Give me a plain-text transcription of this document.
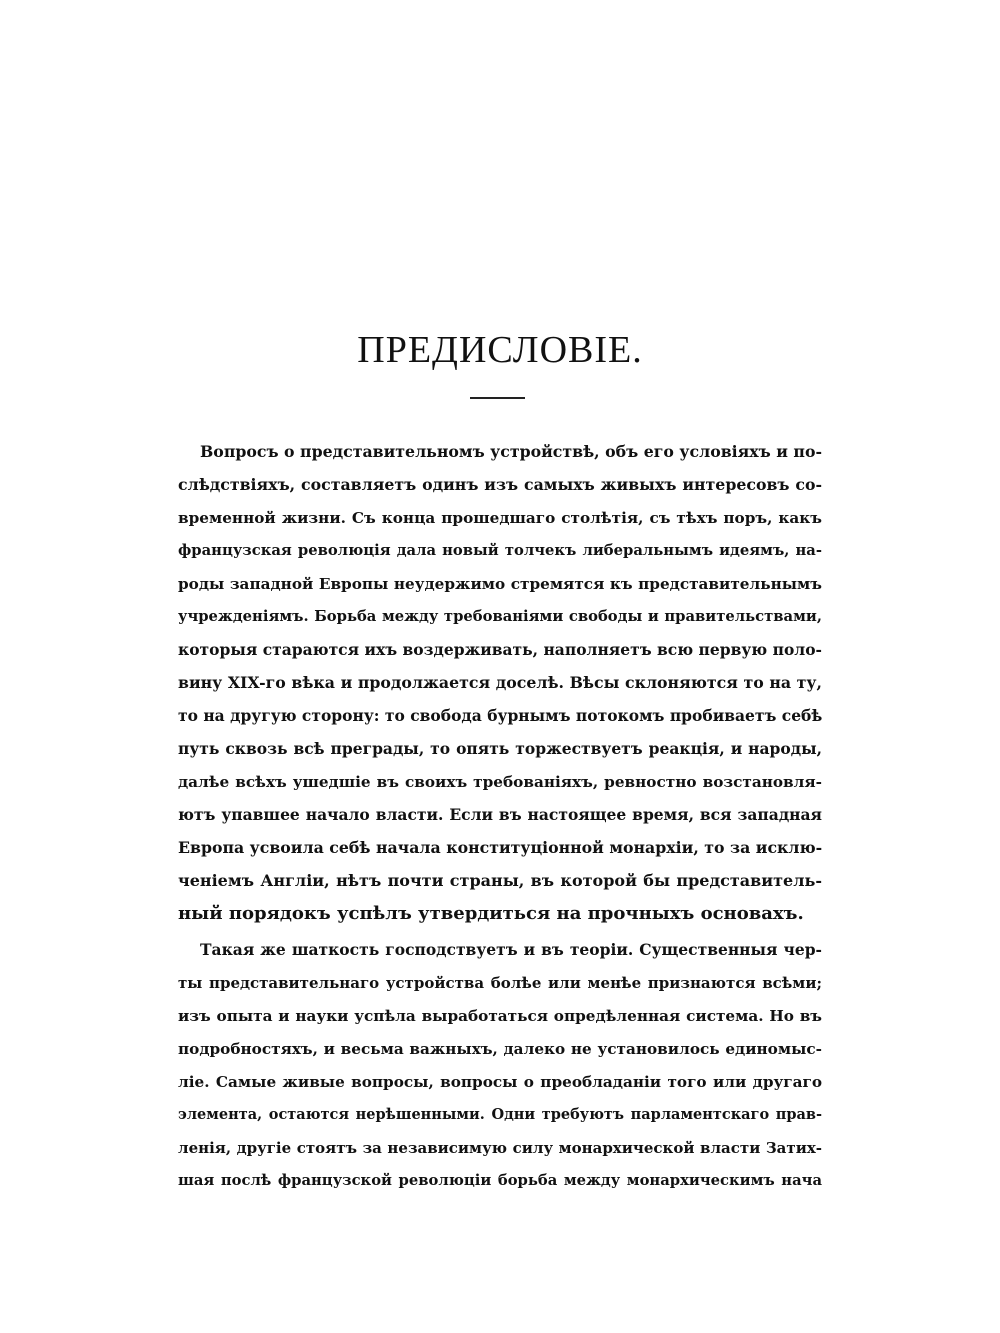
ПРЕДИСЛОВІЕ.
Вопросъ о представительномъ устройствѣ, объ его условіяхъ и по-
слѣдствіяхъ, составляетъ одинъ изъ самыхъ живыхъ интересовъ со-
временной жизни. Съ конца прошедшаго столѣтія, съ тѣхъ поръ, какъ
французская революція дала новый толчекъ либеральнымъ идеямъ, на-
роды западной Европы неудержимо стремятся къ представительнымъ
учрежденіямъ. Борьба между требованіями свободы и правительствами,
которыя стараются ихъ воздерживать, наполняетъ всю первую поло-
вину XIX-го вѣка и продолжается доселѣ. Вѣсы склоняются то на ту,
то на другую сторону: то свобода бурнымъ потокомъ пробиваетъ себѣ
путь сквозь всѣ преграды, то опять торжествуетъ реакція, и народы,
далѣе всѣхъ ушедшіе въ своихъ требованіяхъ, ревностно возстановля-
ютъ упавшее начало власти. Если въ настоящее время, вся западная
Европа усвоила себѣ начала конституціонной монархіи, то за исклю-
ченіемъ Англіи, нѣтъ почти страны, въ которой бы представитель-
ный порядокъ успѣлъ утвердиться на прочныхъ основахъ.
Такая же шаткость господствуетъ и въ теоріи. Существенныя чер-
ты представительнаго устройства болѣе или менѣе признаются всѣми;
изъ опыта и науки успѣла выработаться опредѣленная система. Но въ
подробностяхъ, и весьма важныхъ, далеко не установилось единомыс-
ліе. Самые живые вопросы, вопросы о преобладаніи того или другаго
элемента, остаются нерѣшенными. Одни требуютъ парламентскаго прав-
ленія, другіе стоятъ за независимую силу монархической власти Затих-
шая послѣ французской революціи борьба между монархическимъ нача
